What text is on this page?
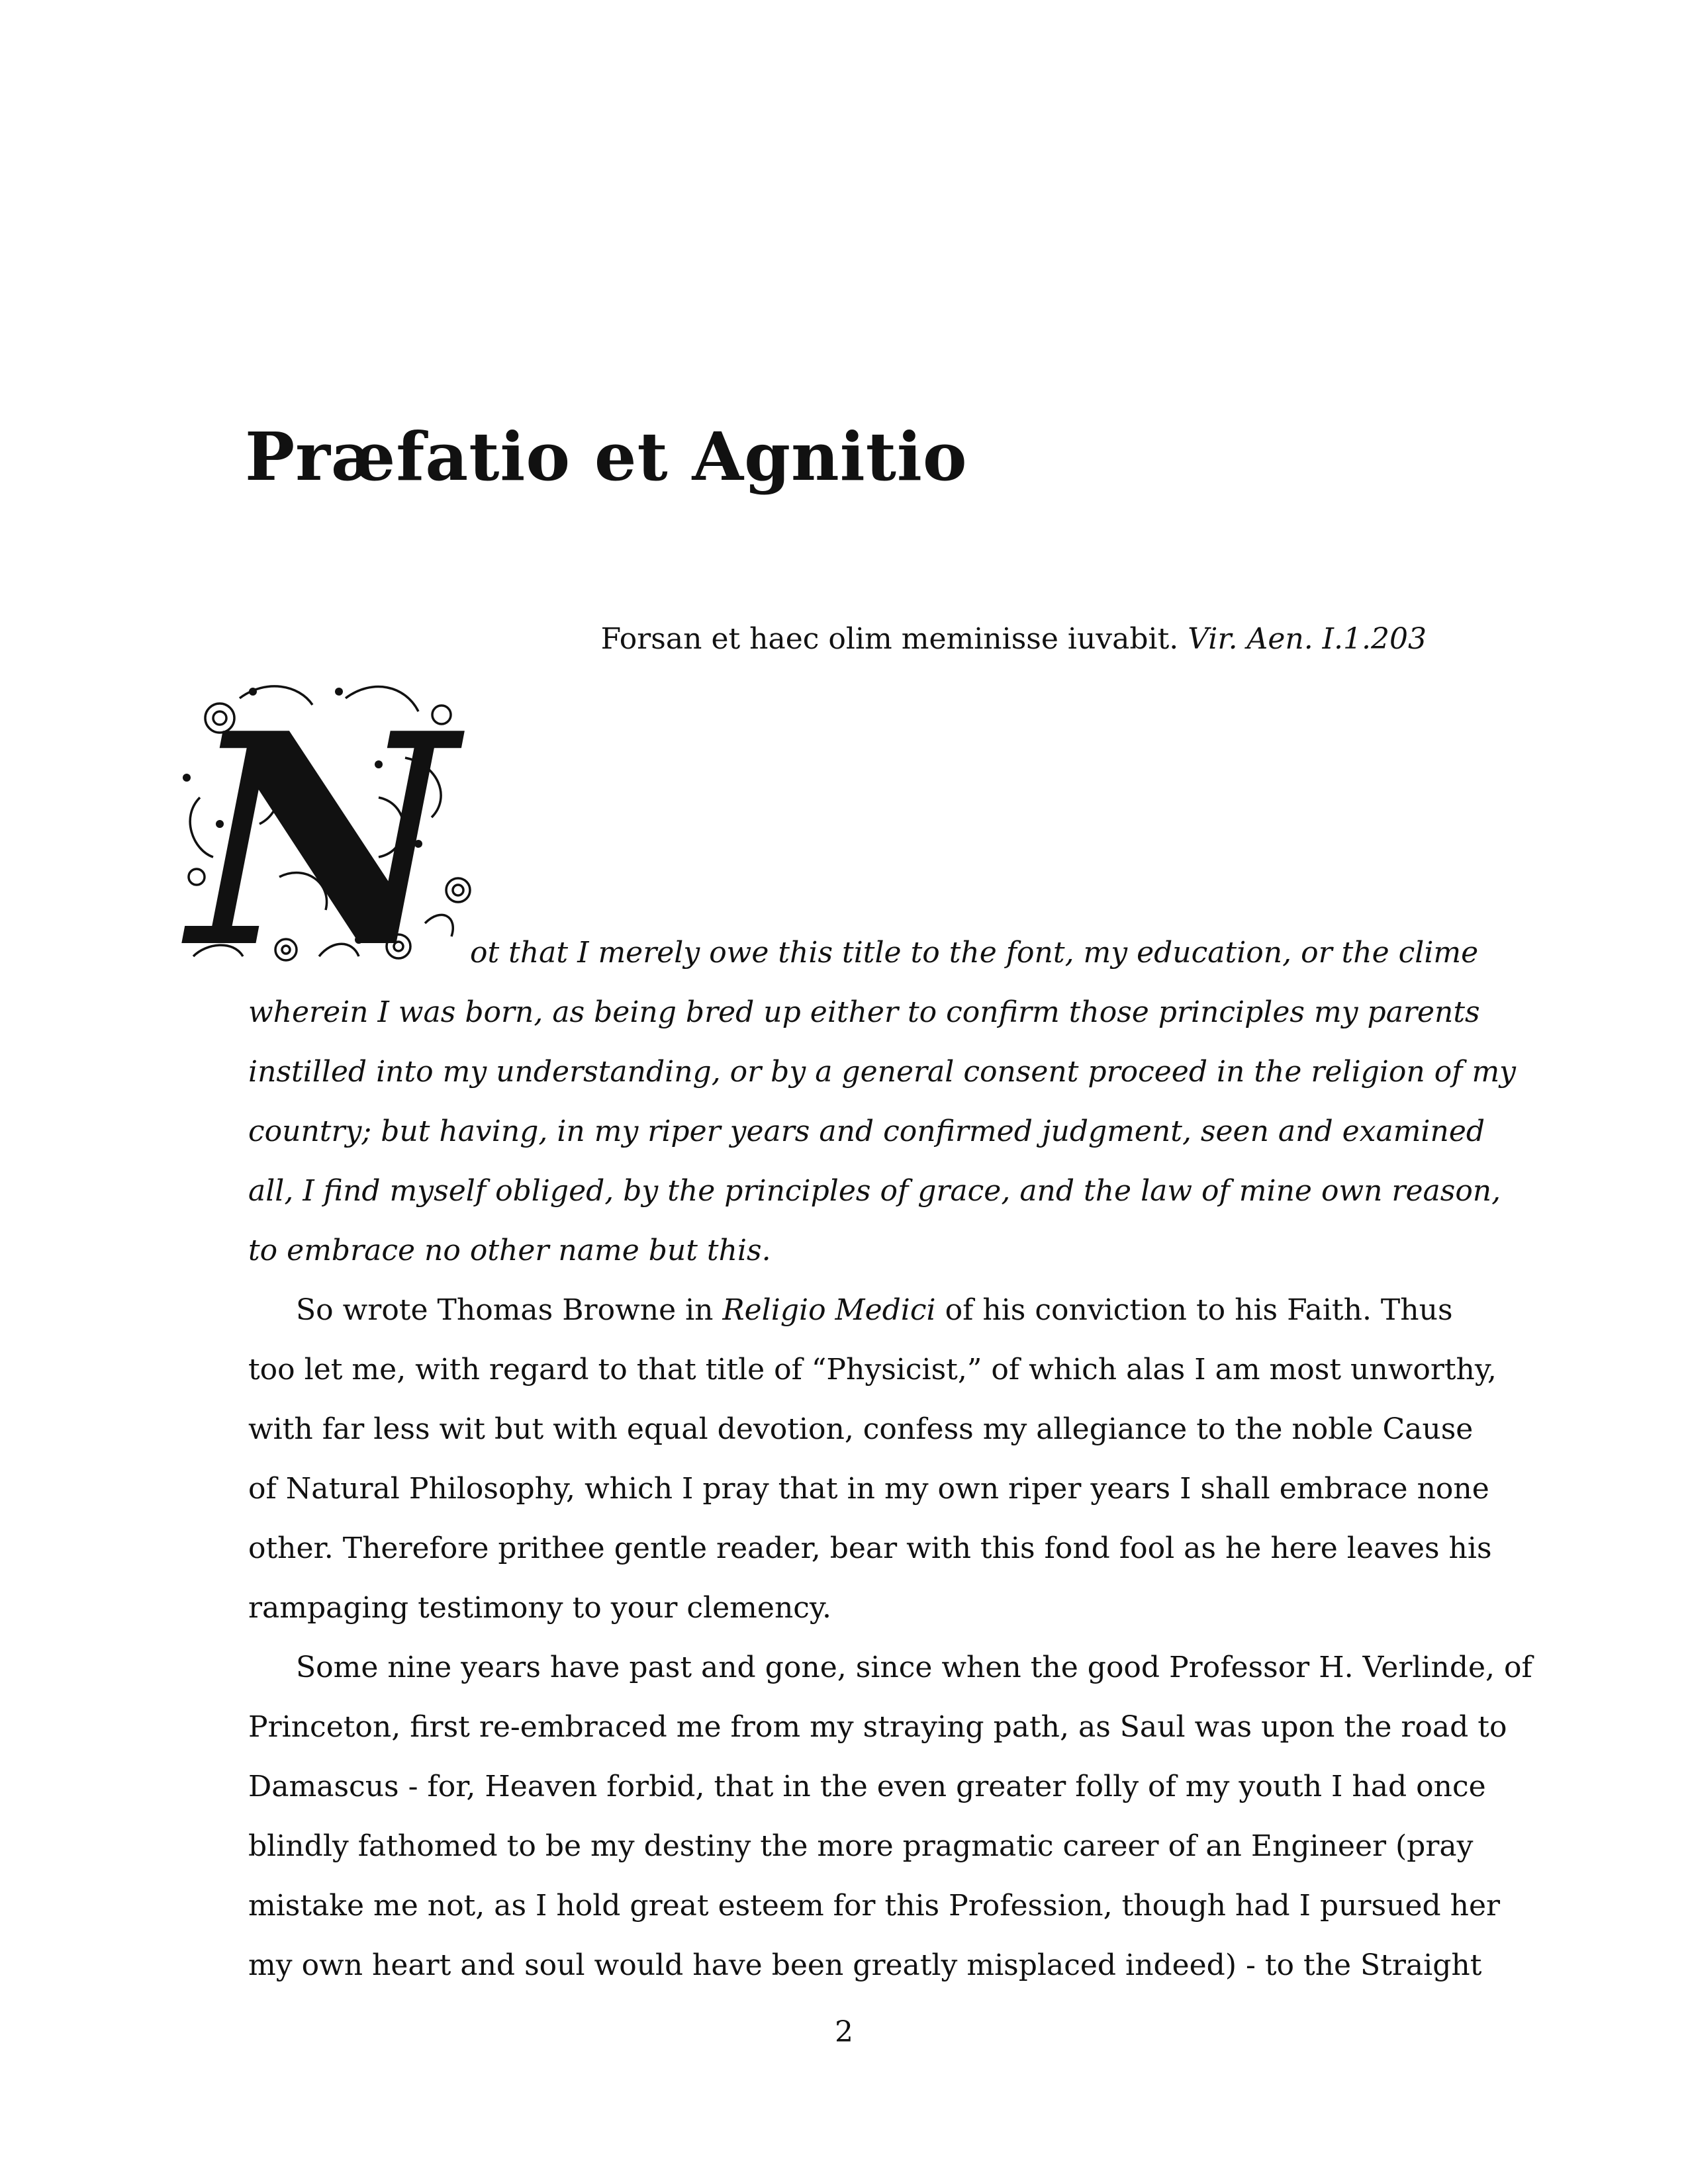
Præfatio et Agnitio
Forsan et haec olim meminisse iuvabit. Vir. Aen. I.1.203
N ot that I merely owe this title to the font, my education, or the clime
wherein I was born, as being bred up either to confirm those principles my parents
instilled into my understanding, or by a general consent proceed in the religion of my
country; but having, in my riper years and confirmed judgment, seen and examined
all, I find myself obliged, by the principles of grace, and the law of mine own reason,
to embrace no other name but this.
So wrote Thomas Browne in Religio Medici of his conviction to his Faith. Thus
too let me, with regard to that title of “Physicist,” of which alas I am most unworthy,
with far less wit but with equal devotion, confess my allegiance to the noble Cause
of Natural Philosophy, which I pray that in my own riper years I shall embrace none
other. Therefore prithee gentle reader, bear with this fond fool as he here leaves his
rampaging testimony to your clemency.
Some nine years have past and gone, since when the good Professor H. Verlinde, of
Princeton, first re-embraced me from my straying path, as Saul was upon the road to
Damascus - for, Heaven forbid, that in the even greater folly of my youth I had once
blindly fathomed to be my destiny the more pragmatic career of an Engineer (pray
mistake me not, as I hold great esteem for this Profession, though had I pursued her
my own heart and soul would have been greatly misplaced indeed) - to the Straight
2
